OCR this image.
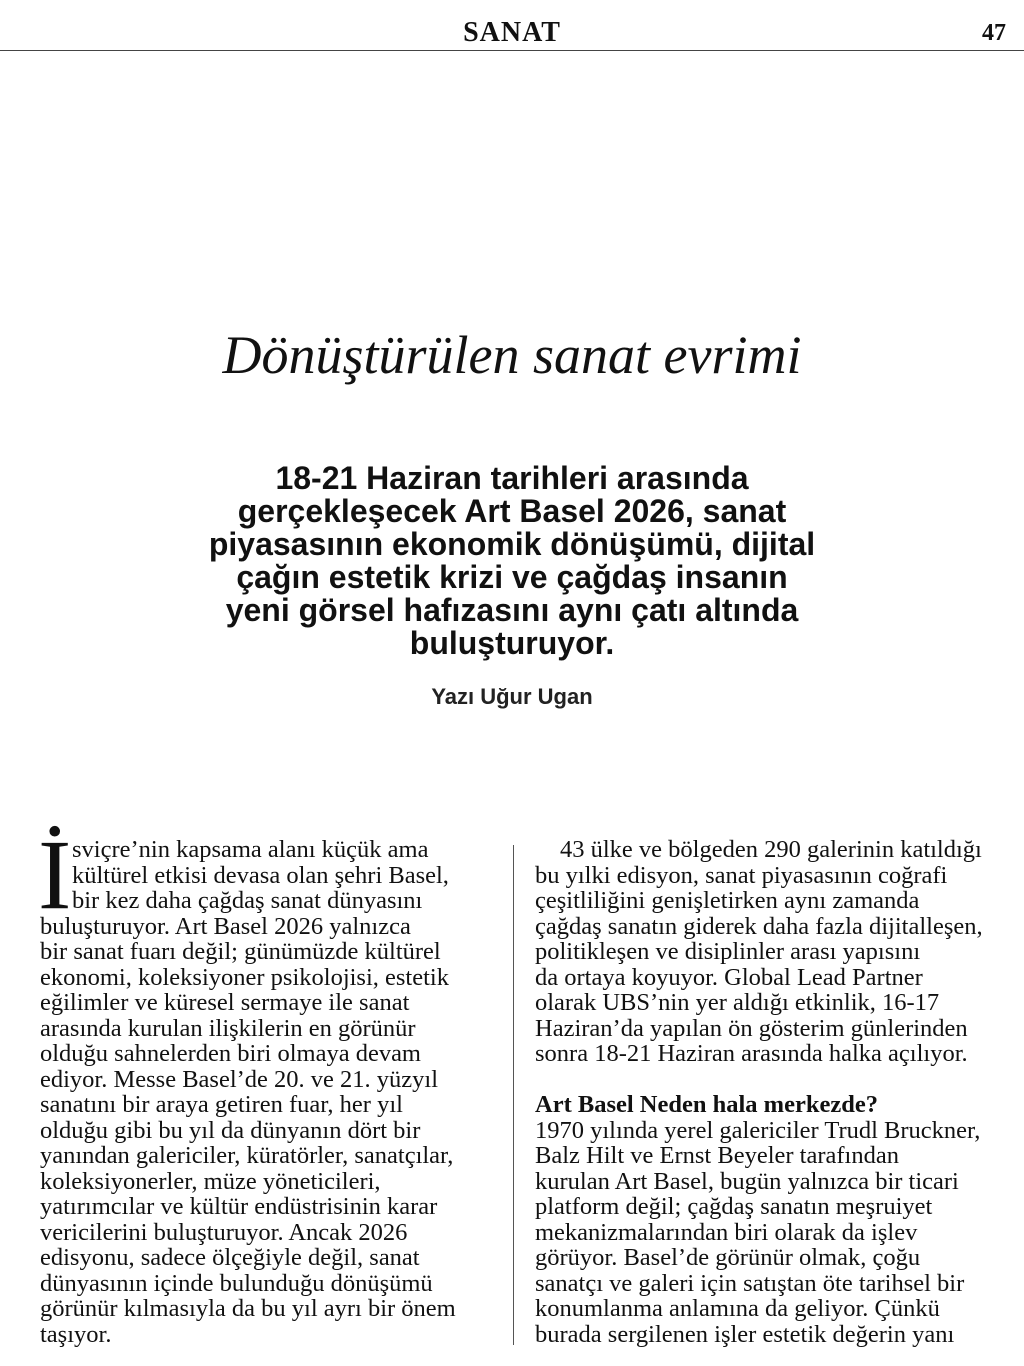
SANAT	47
Dönüştürülen sanat evrimi
18-21 Haziran tarihleri arasında
gerçekleşecek Art Basel 2026, sanat
piyasasının ekonomik dönüşümü, dijital
çağın estetik krizi ve çağdaş insanın
yeni görsel hafızasını aynı çatı altında
buluşturuyor.
Yazı Uğur Ugan
İ sviçre’nin kapsama alanı küçük ama
kültürel etkisi devasa olan şehri Basel,
bir kez daha çağdaş sanat dünyasını
buluşturuyor. Art Basel 2026 yalnızca
bir sanat fuarı değil; günümüzde kültürel
ekonomi, koleksiyoner psikolojisi, estetik
eğilimler ve küresel sermaye ile sanat
arasında kurulan ilişkilerin en görünür
olduğu sahnelerden biri olmaya devam
ediyor. Messe Basel’de 20. ve 21. yüzyıl
sanatını bir araya getiren fuar, her yıl
olduğu gibi bu yıl da dünyanın dört bir
yanından galericiler, küratörler, sanatçılar,
koleksiyonerler, müze yöneticileri,
yatırımcılar ve kültür endüstrisinin karar
vericilerini buluşturuyor. Ancak 2026
edisyonu, sadece ölçeğiyle değil, sanat
dünyasının içinde bulunduğu dönüşümü
görünür kılmasıyla da bu yıl ayrı bir önem
taşıyor.
43 ülke ve bölgeden 290 galerinin katıldığı
bu yılki edisyon, sanat piyasasının coğrafi
çeşitliliğini genişletirken aynı zamanda
çağdaş sanatın giderek daha fazla dijitalleşen,
politikleşen ve disiplinler arası yapısını
da ortaya koyuyor. Global Lead Partner
olarak UBS’nin yer aldığı etkinlik, 16-17
Haziran’da yapılan ön gösterim günlerinden
sonra 18-21 Haziran arasında halka açılıyor.
Art Basel Neden hala merkezde?
1970 yılında yerel galericiler Trudl Bruckner,
Balz Hilt ve Ernst Beyeler tarafından
kurulan Art Basel, bugün yalnızca bir ticari
platform değil; çağdaş sanatın meşruiyet
mekanizmalarından biri olarak da işlev
görüyor. Basel’de görünür olmak, çoğu
sanatçı ve galeri için satıştan öte tarihsel bir
konumlanma anlamına da geliyor. Çünkü
burada sergilenen işler estetik değerin yanı
